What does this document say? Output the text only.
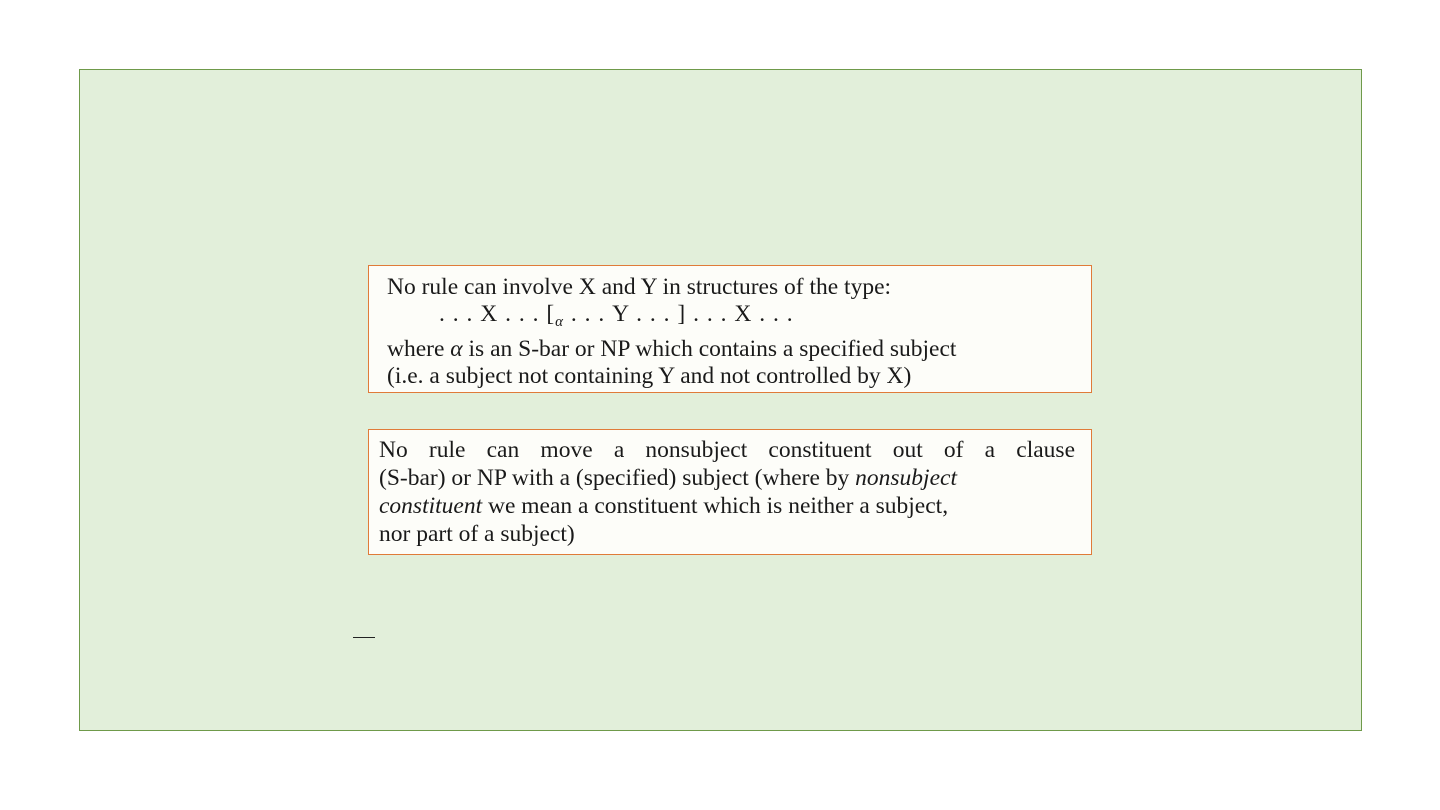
No rule can involve X and Y in structures of the type:
. . . X . . . [$_\alpha$ . . . Y . . . ] . . . X . . .
where α is an S-bar or NP which contains a specified subject
(i.e. a subject not containing Y and not controlled by X)
No rule can move a nonsubject constituent out of a clause
(S-bar) or NP with a (specified) subject (where by nonsubject
constituent we mean a constituent which is neither a subject,
nor part of a subject)
